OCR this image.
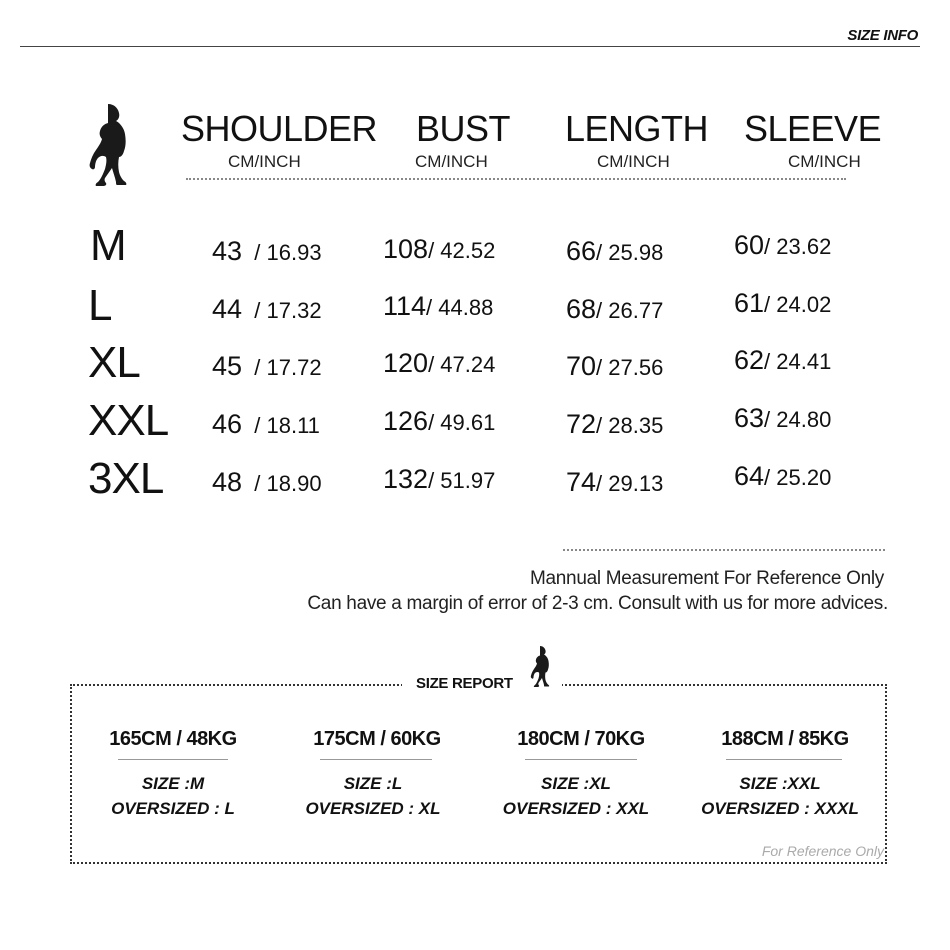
SIZE INFO
SHOULDER
CM/INCH
BUST
CM/INCH
LENGTH
CM/INCH
SLEEVE
CM/INCH
M	43  / 16.93 108/ 42.52	66/ 25.98	60/ 23.62
L	44  / 17.32 114/ 44.88	68/ 26.77	61/ 24.02
XL	45  / 17.72 120/ 47.24	70/ 27.56	62/ 24.41
XXL 46  / 18.11 126/ 49.61	72/ 28.35	63/ 24.80
3XL 48  / 18.90 132/ 51.97	74/ 29.13	64/ 25.20
Mannual Measurement For Reference Only
Can have a margin of error of 2-3 cm. Consult with us for more advices.
SIZE REPORT
165CM / 48KG
SIZE :M
OVERSIZED : L
175CM / 60KG
SIZE :L
OVERSIZED : XL
180CM / 70KG
SIZE :XL
OVERSIZED : XXL
188CM / 85KG
SIZE :XXL
OVERSIZED : XXXL
For Reference Only
